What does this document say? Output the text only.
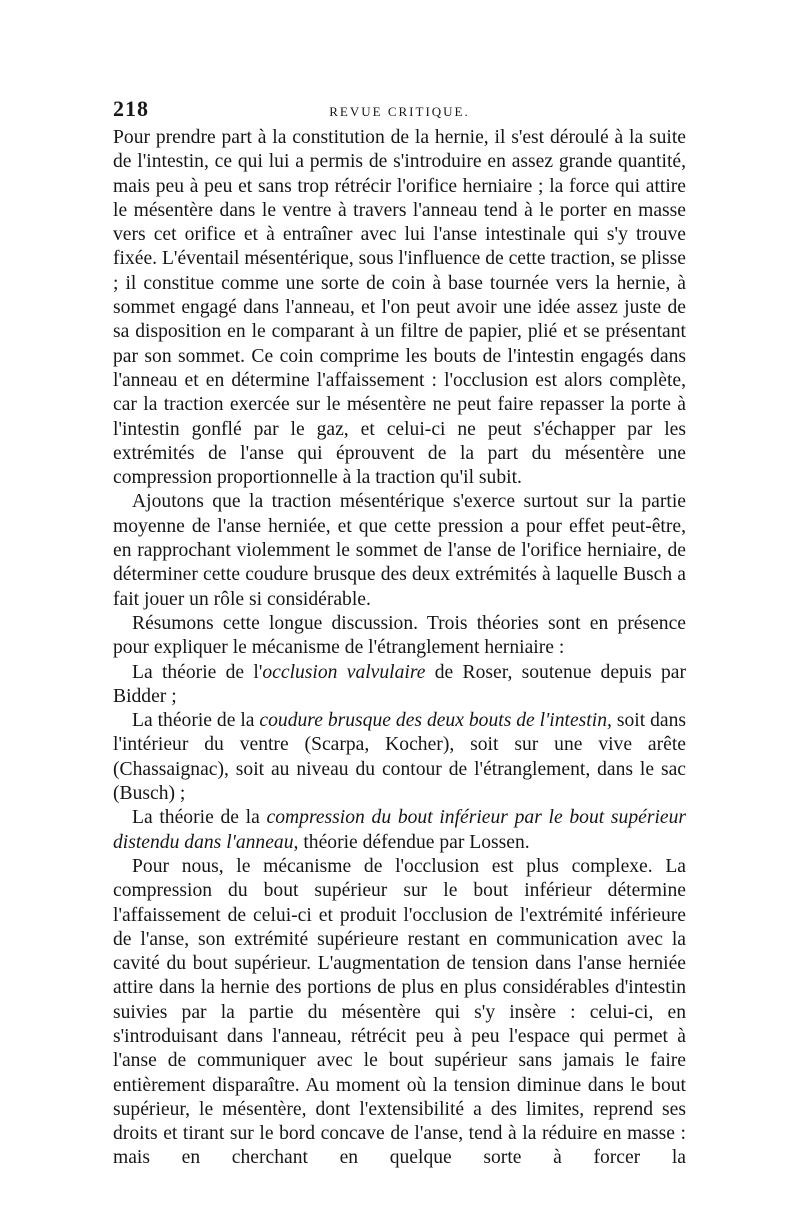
218	REVUE CRITIQUE.

Pour prendre part à la constitution de la hernie, il s'est déroulé à la suite de l'intestin, ce qui lui a permis de s'introduire en assez grande quantité, mais peu à peu et sans trop rétrécir l'orifice herniaire ; la force qui attire le mésentère dans le ventre à travers l'anneau tend à le porter en masse vers cet orifice et à entraîner avec lui l'anse intestinale qui s'y trouve fixée. L'éventail mésentérique, sous l'influence de cette traction, se plisse ; il constitue comme une sorte de coin à base tournée vers la hernie, à sommet engagé dans l'anneau, et l'on peut avoir une idée assez juste de sa disposition en le comparant à un filtre de papier, plié et se présentant par son sommet. Ce coin comprime les bouts de l'intestin engagés dans l'anneau et en détermine l'affaissement : l'occlusion est alors complète, car la traction exercée sur le mésentère ne peut faire repasser la porte à l'intestin gonflé par le gaz, et celui-ci ne peut s'échapper par les extrémités de l'anse qui éprouvent de la part du mésentère une compression proportionnelle à la traction qu'il subit.

Ajoutons que la traction mésentérique s'exerce surtout sur la partie moyenne de l'anse herniée, et que cette pression a pour effet peut-être, en rapprochant violemment le sommet de l'anse de l'orifice herniaire, de déterminer cette coudure brusque des deux extrémités à laquelle Busch a fait jouer un rôle si considérable.

Résumons cette longue discussion. Trois théories sont en présence pour expliquer le mécanisme de l'étranglement herniaire :

La théorie de l'occlusion valvulaire de Roser, soutenue depuis par Bidder ;

La théorie de la coudure brusque des deux bouts de l'intestin, soit dans l'intérieur du ventre (Scarpa, Kocher), soit sur une vive arête (Chassaignac), soit au niveau du contour de l'étranglement, dans le sac (Busch) ;

La théorie de la compression du bout inférieur par le bout supérieur distendu dans l'anneau, théorie défendue par Lossen.

Pour nous, le mécanisme de l'occlusion est plus complexe. La compression du bout supérieur sur le bout inférieur détermine l'affaissement de celui-ci et produit l'occlusion de l'extrémité inférieure de l'anse, son extrémité supérieure restant en communication avec la cavité du bout supérieur. L'augmentation de tension dans l'anse herniée attire dans la hernie des portions de plus en plus considérables d'intestin suivies par la partie du mésentère qui s'y insère : celui-ci, en s'introduisant dans l'anneau, rétrécit peu à peu l'espace qui permet à l'anse de communiquer avec le bout supérieur sans jamais le faire entièrement disparaître. Au moment où la tension diminue dans le bout supérieur, le mésentère, dont l'extensibilité a des limites, reprend ses droits et tirant sur le bord concave de l'anse, tend à la réduire en masse : mais en cherchant en quelque sorte à forcer la
